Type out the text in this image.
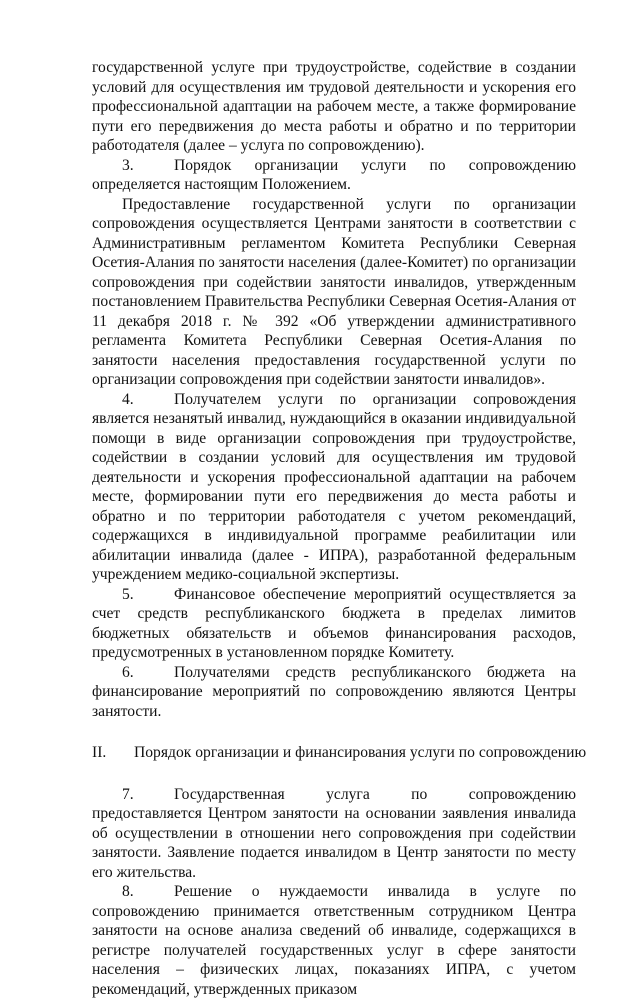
государственной услуге при трудоустройстве, содействие в создании условий для осуществления им трудовой деятельности и ускорения его профессиональной адаптации на рабочем месте, а также формирование пути его передвижения до места работы и обратно и по территории работодателя (далее – услуга по сопровождению).

3.	Порядок организации услуги по сопровождению определяется настоящим Положением.

Предоставление государственной услуги по организации сопровождения осуществляется Центрами занятости в соответствии с Административным регламентом Комитета Республики Северная Осетия-Алания по занятости населения (далее-Комитет) по организации сопровождения при содействии занятости инвалидов, утвержденным постановлением Правительства Республики Северная Осетия-Алания от 11 декабря 2018 г. № 392 «Об утверждении административного регламента Комитета Республики Северная Осетия-Алания по занятости населения предоставления государственной услуги по организации сопровождения при содействии занятости инвалидов».

4.	Получателем услуги по организации сопровождения является незанятый инвалид, нуждающийся в оказании индивидуальной помощи в виде организации сопровождения при трудоустройстве, содействии в создании условий для осуществления им трудовой деятельности и ускорения профессиональной адаптации на рабочем месте, формировании пути его передвижения до места работы и обратно и по территории работодателя с учетом рекомендаций, содержащихся в индивидуальной программе реабилитации или абилитации инвалида (далее - ИПРА), разработанной федеральным учреждением медико-социальной экспертизы.

5.	Финансовое обеспечение мероприятий осуществляется за счет средств республиканского бюджета в пределах лимитов бюджетных обязательств и объемов финансирования расходов, предусмотренных в установленном порядке Комитету.

6.	Получателями средств республиканского бюджета на финансирование мероприятий по сопровождению являются Центры занятости.

II. Порядок организации и финансирования услуги по сопровождению

7.	Государственная услуга по сопровождению предоставляется Центром занятости на основании заявления инвалида об осуществлении в отношении него сопровождения при содействии занятости. Заявление подается инвалидом в Центр занятости по месту его жительства.

8.	Решение о нуждаемости инвалида в услуге по сопровождению принимается ответственным сотрудником Центра занятости на основе анализа сведений об инвалиде, содержащихся в регистре получателей государственных услуг в сфере занятости населения – физических лицах, показаниях ИПРА, с учетом рекомендаций, утвержденных приказом
